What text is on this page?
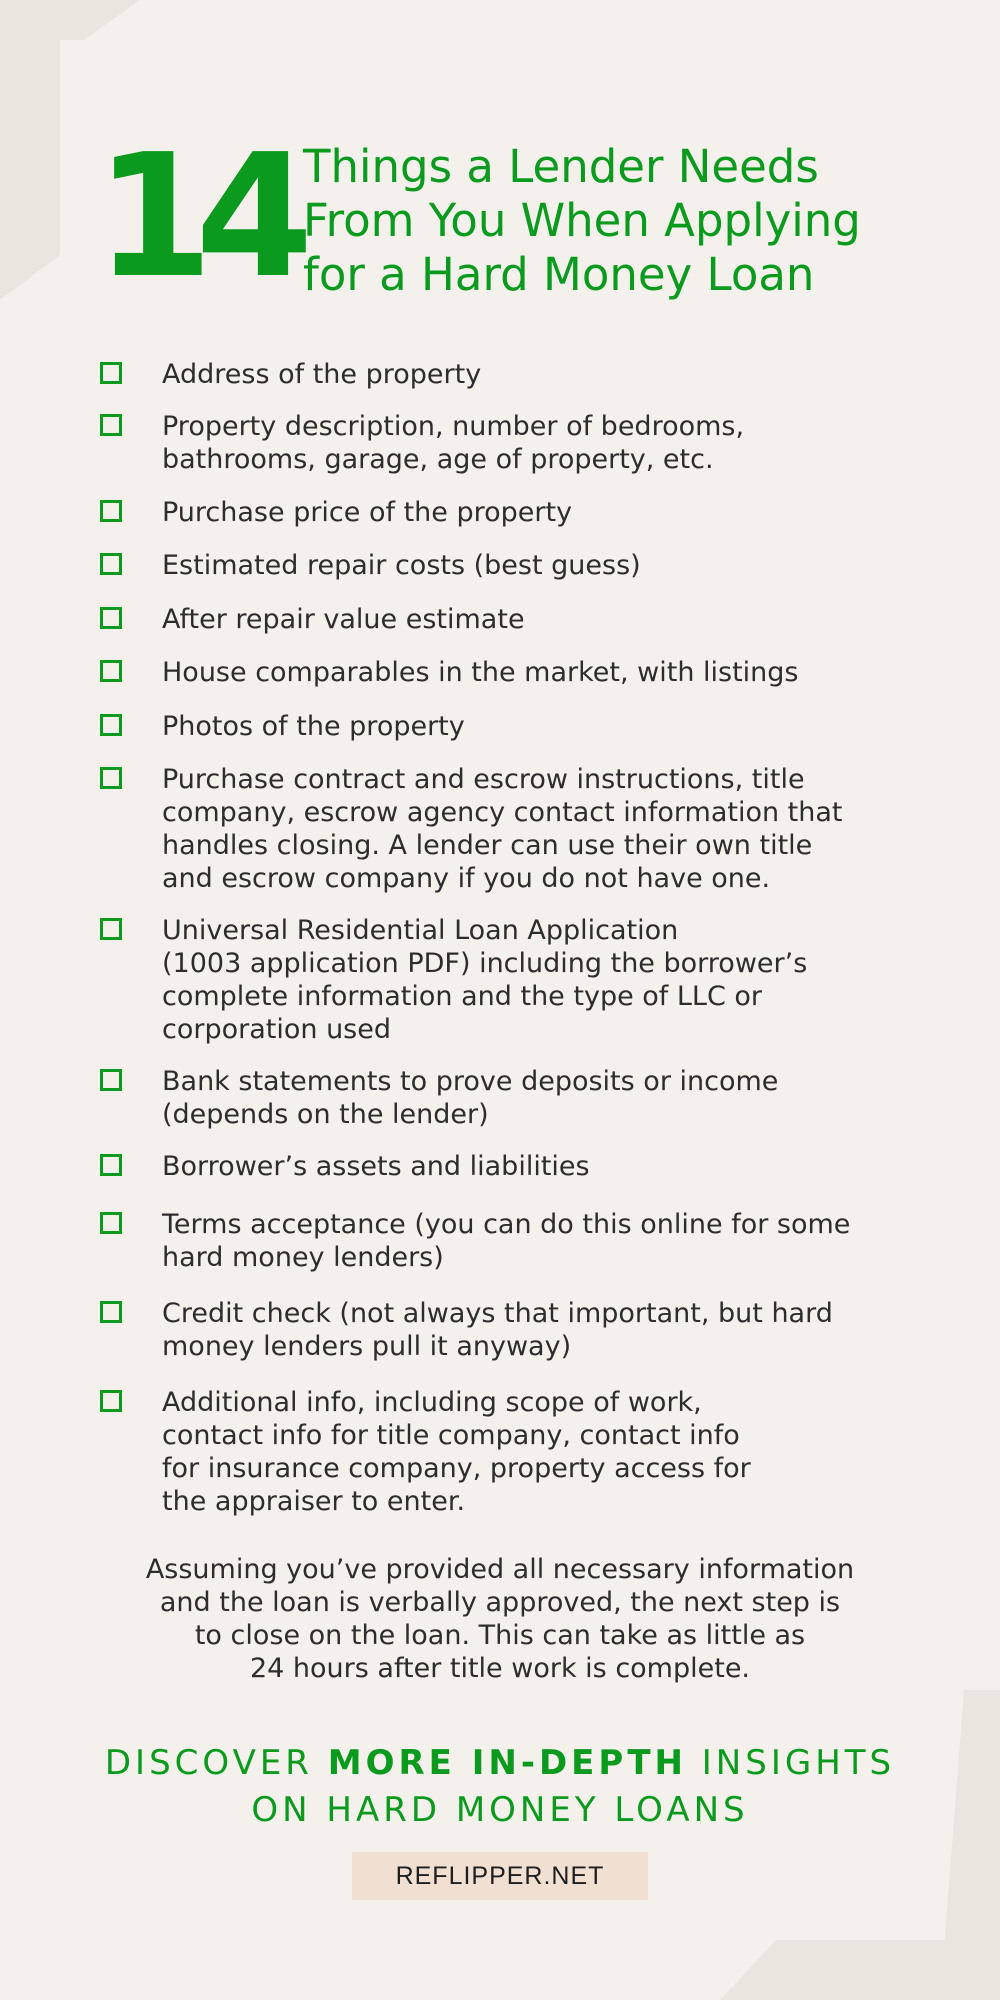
14 Things a Lender Needs
From You When Applying
for a Hard Money Loan
Address of the property
Property description, number of bedrooms,
bathrooms, garage, age of property, etc.
Purchase price of the property
Estimated repair costs (best guess)
After repair value estimate
House comparables in the market, with listings
Photos of the property
Purchase contract and escrow instructions, title
company, escrow agency contact information that
handles closing. A lender can use their own title
and escrow company if you do not have one.
Universal Residential Loan Application
(1003 application PDF) including the borrower’s
complete information and the type of LLC or
corporation used
Bank statements to prove deposits or income
(depends on the lender)
Borrower’s assets and liabilities
Terms acceptance (you can do this online for some
hard money lenders)
Credit check (not always that important, but hard
money lenders pull it anyway)
Additional info, including scope of work,
contact info for title company, contact info
for insurance company, property access for
the appraiser to enter.
Assuming you’ve provided all necessary information
and the loan is verbally approved, the next step is
to close on the loan. This can take as little as
24 hours after title work is complete.
DISCOVER MORE IN-DEPTH INSIGHTS
ON HARD MONEY LOANS
REFLIPPER.NET
